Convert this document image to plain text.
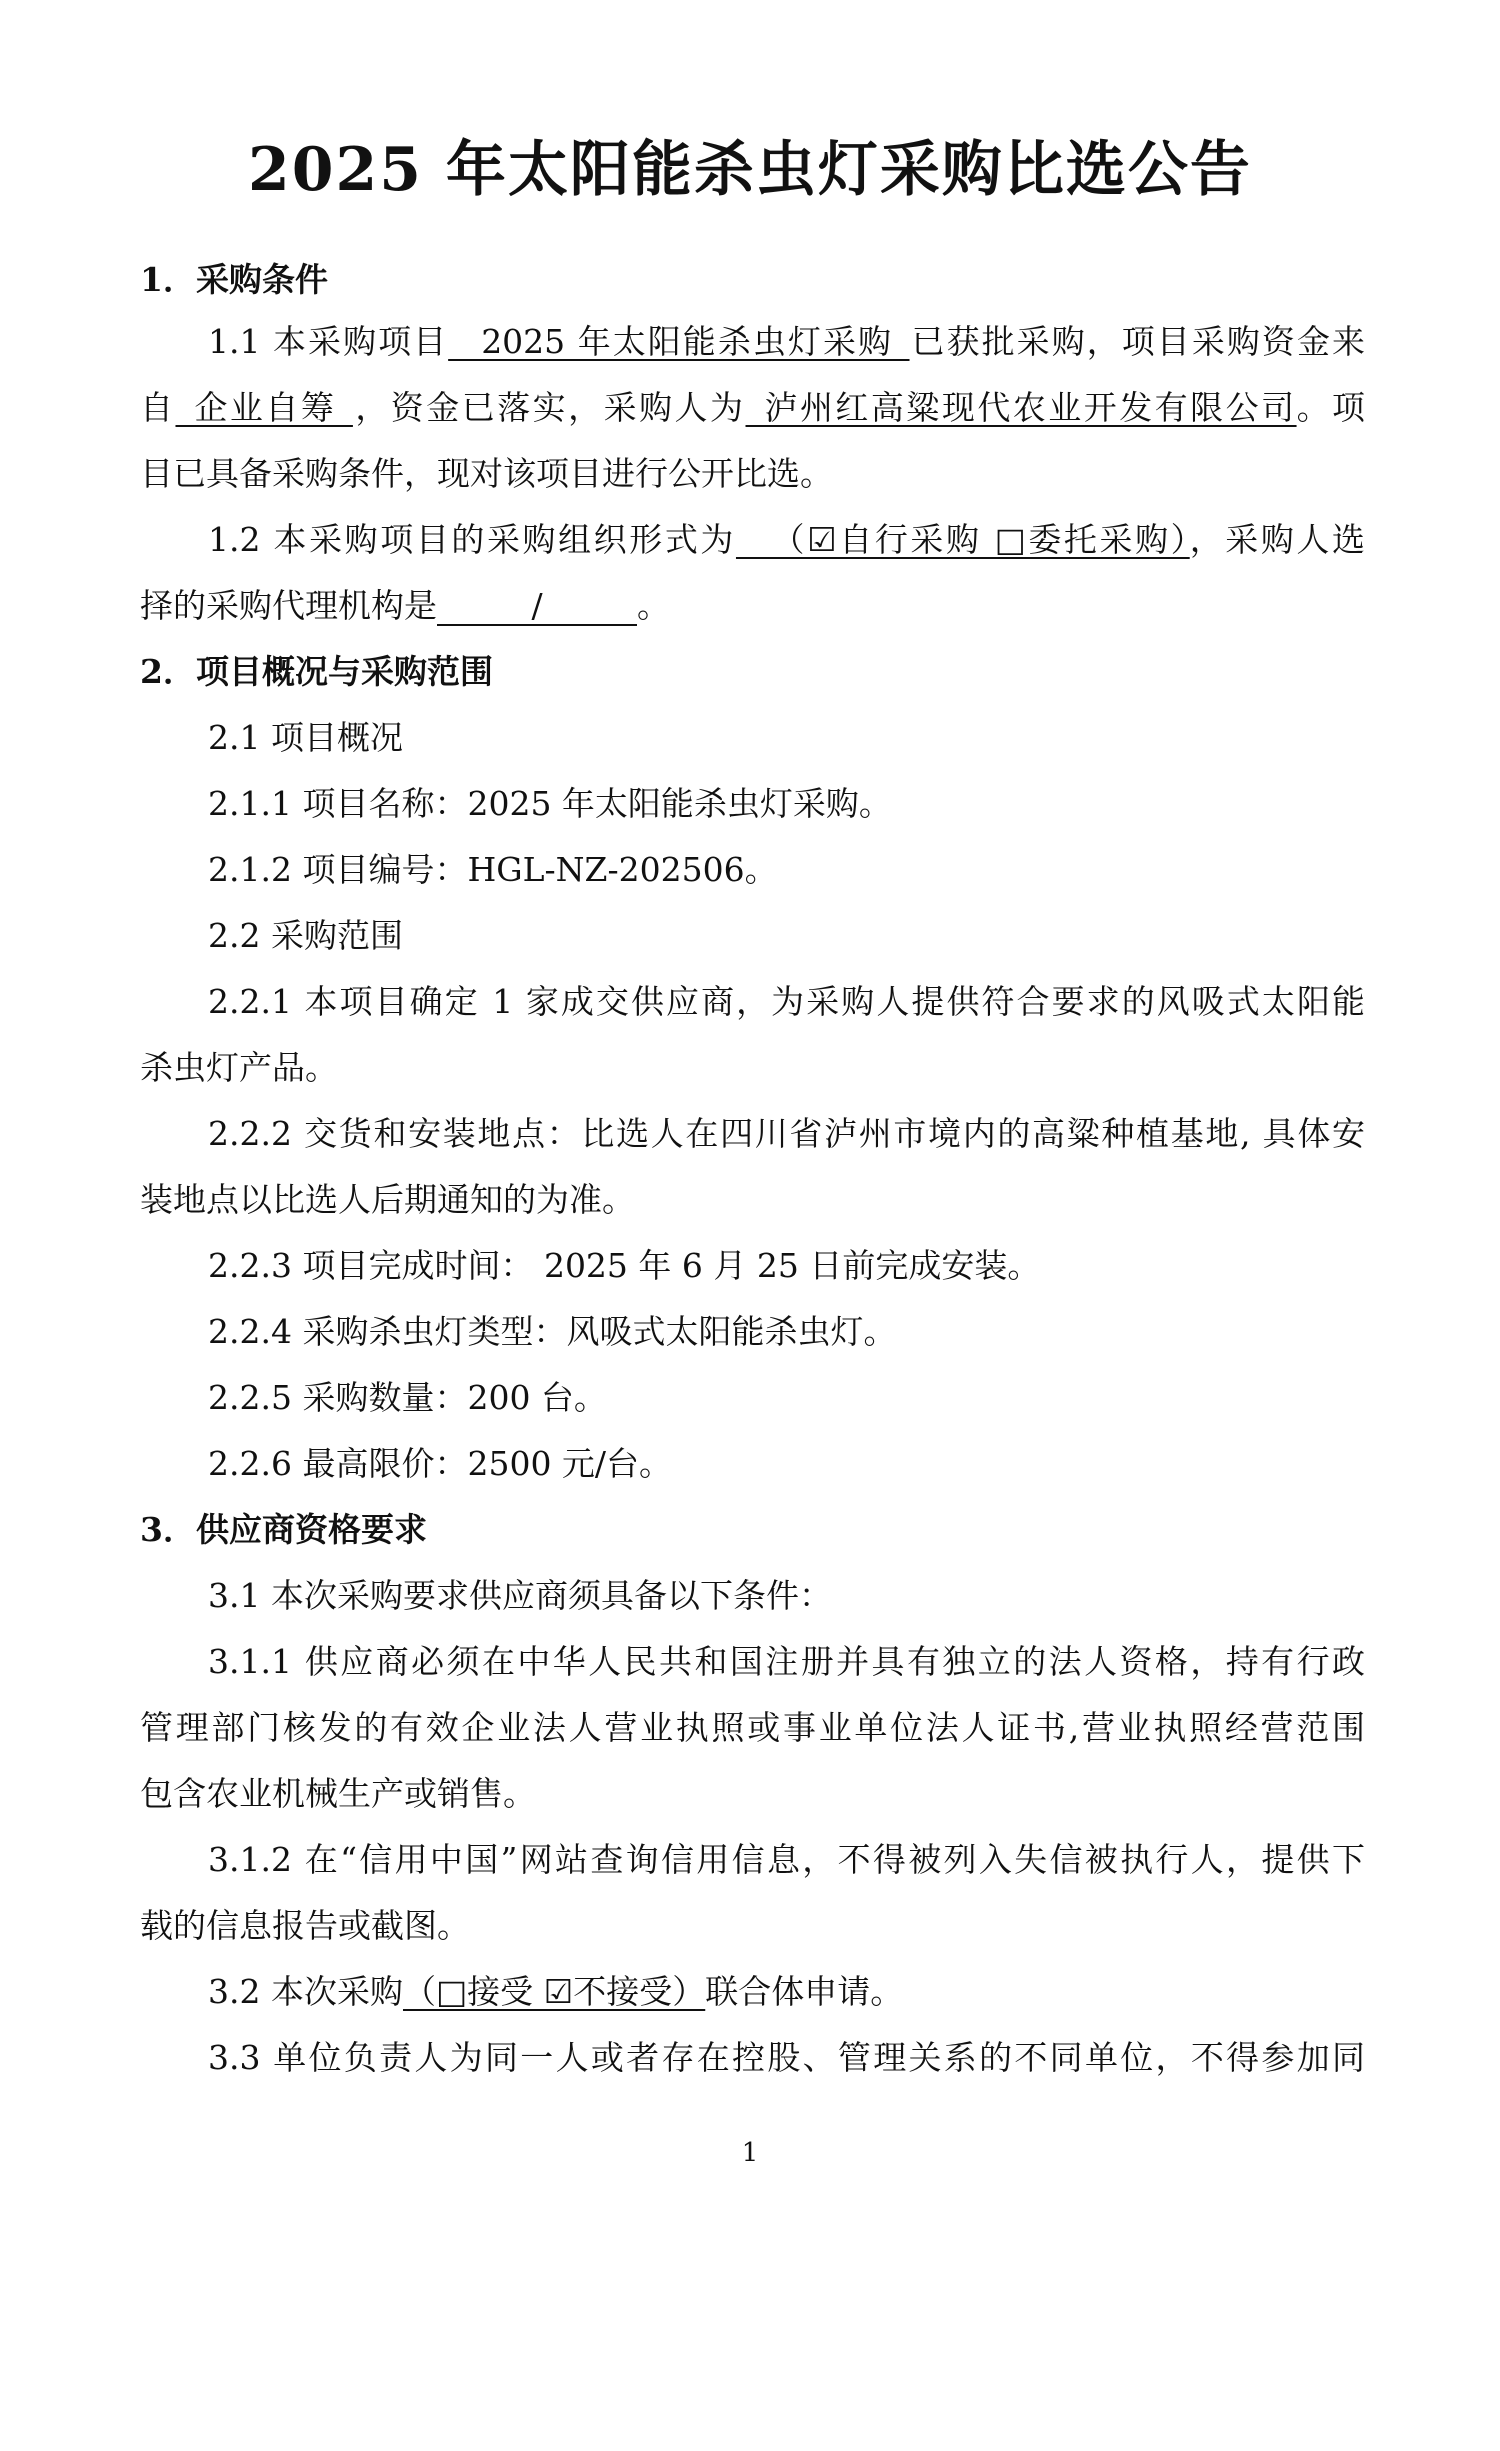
2025 年太阳能杀虫灯采购比选公告
1．采购条件
1.1 本采购项目__2025 年太阳能杀虫灯采购_已获批采购，项目采购资金来
自_企业自筹_，资金已落实，采购人为_泸州红高粱现代农业开发有限公司。项
目已具备采购条件，现对该项目进行公开比选。
1.2 本采购项目的采购组织形式为__（☑自行采购 □委托采购），采购人选
择的采购代理机构是	/	。
2．项目概况与采购范围
2.1 项目概况
2.1.1 项目名称：2025 年太阳能杀虫灯采购。
2.1.2 项目编号：HGL-NZ-202506。
2.2 采购范围
2.2.1 本项目确定 1 家成交供应商，为采购人提供符合要求的风吸式太阳能
杀虫灯产品。
2.2.2 交货和安装地点：比选人在四川省泸州市境内的高粱种植基地, 具体安
装地点以比选人后期通知的为准。
2.2.3 项目完成时间： 2025 年 6 月 25 日前完成安装。
2.2.4 采购杀虫灯类型：风吸式太阳能杀虫灯。
2.2.5 采购数量：200 台。
2.2.6 最高限价：2500 元/台。
3．供应商资格要求
3.1 本次采购要求供应商须具备以下条件：
3.1.1 供应商必须在中华人民共和国注册并具有独立的法人资格，持有行政
管理部门核发的有效企业法人营业执照或事业单位法人证书,营业执照经营范围
包含农业机械生产或销售。
3.1.2 在“信用中国”网站查询信用信息，不得被列入失信被执行人，提供下
载的信息报告或截图。
3.2 本次采购（□接受 ☑不接受）联合体申请。
3.3 单位负责人为同一人或者存在控股、管理关系的不同单位，不得参加同
1
